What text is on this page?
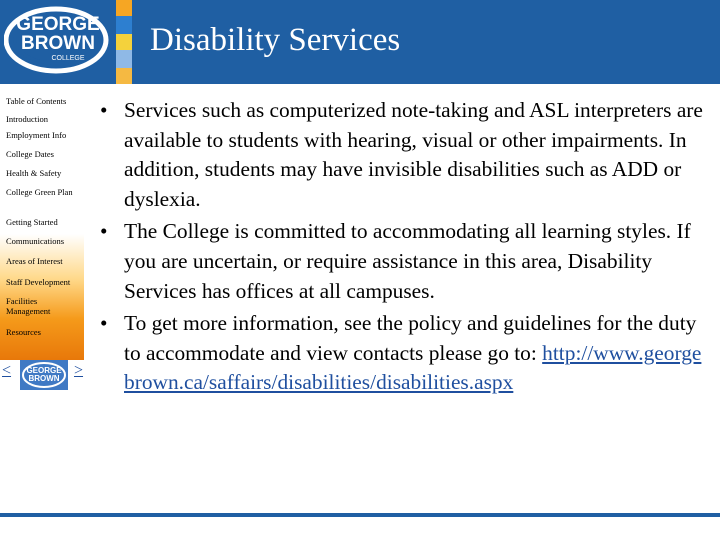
GEORGE
BROWN
COLLEGE
Disability Services
Table of Contents
Introduction
Employment Info
College Dates
Health & Safety
College Green Plan
Getting Started
Communications
Areas of Interest
Staff Development
Facilities Management
Resources
< GEORGE
BROWN >
• Services such as computerized note-taking and ASL interpreters are available to students with hearing, visual or other impairments. In addition, students may have invisible disabilities such as ADD or dyslexia.
• The College is committed to accommodating all learning styles. If you are uncertain, or require assistance in this area, Disability Services has offices at all campuses.
• To get more information, see the policy and guidelines for the duty to accommodate and view contacts please go to: http://www.georgebrown.ca/saffairs/disabilities/disabilities.aspx
